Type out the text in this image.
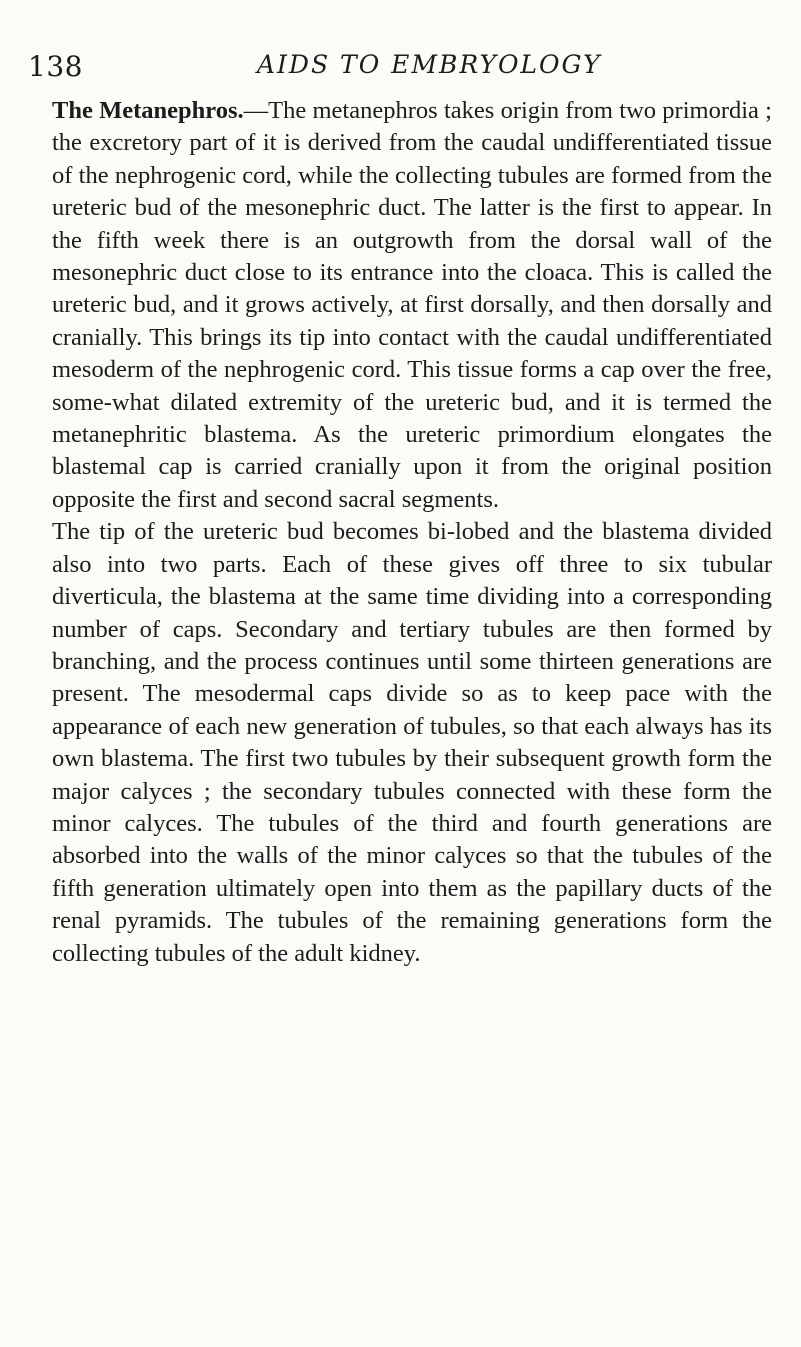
138	AIDS TO EMBRYOLOGY

The Metanephros.—The metanephros takes origin from two primordia ; the excretory part of it is derived from the caudal undifferentiated tissue of the nephrogenic cord, while the collecting tubules are formed from the ureteric bud of the mesonephric duct. The latter is the first to appear. In the fifth week there is an outgrowth from the dorsal wall of the mesonephric duct close to its entrance into the cloaca. This is called the ureteric bud, and it grows actively, at first dorsally, and then dorsally and cranially. This brings its tip into contact with the caudal undifferentiated mesoderm of the nephrogenic cord. This tissue forms a cap over the free, some-what dilated extremity of the ureteric bud, and it is termed the metanephritic blastema. As the ureteric primordium elongates the blastemal cap is carried cranially upon it from the original position opposite the first and second sacral segments.

The tip of the ureteric bud becomes bi-lobed and the blastema divided also into two parts. Each of these gives off three to six tubular diverticula, the blastema at the same time dividing into a corresponding number of caps. Secondary and tertiary tubules are then formed by branching, and the process continues until some thirteen generations are present. The mesodermal caps divide so as to keep pace with the appearance of each new generation of tubules, so that each always has its own blastema. The first two tubules by their subsequent growth form the major calyces ; the secondary tubules connected with these form the minor calyces. The tubules of the third and fourth generations are absorbed into the walls of the minor calyces so that the tubules of the fifth generation ultimately open into them as the papillary ducts of the renal pyramids. The tubules of the remaining generations form the collecting tubules of the adult kidney.
